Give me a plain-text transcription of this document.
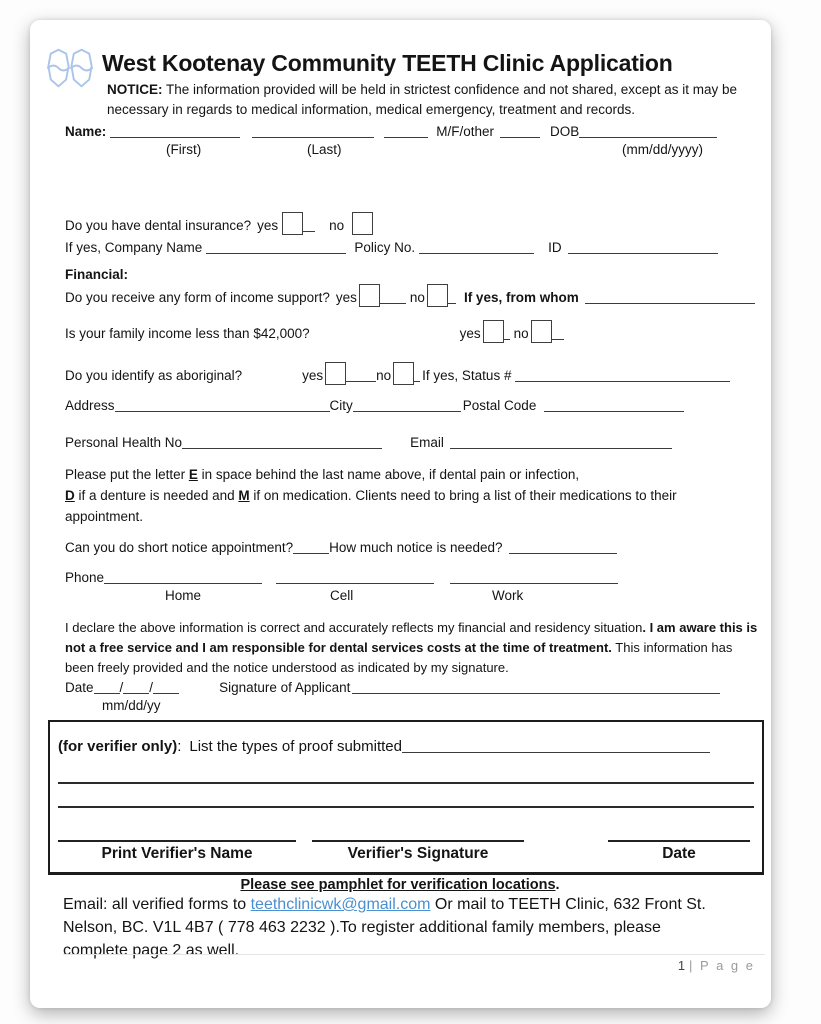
West Kootenay Community TEETH Clinic Application
NOTICE: The information provided will be held in strictest confidence and not shared, except as it may be necessary in regards to medical information, medical emergency, treatment and records.
Name:	M/F/other	DOB
(First)	(Last)	(mm/dd/yyyy)
Do you have dental insurance? yes	no
If yes, Company Name	Policy No.	ID
Financial:
Do you receive any form of income support? yes	no	If yes, from whom
Is your family income less than $42,000?	yes no
Do you identify as aboriginal?	yes	no If yes, Status #
Address	City	Postal Code
Personal Health No	Email
Please put the letter E in space behind the last name above, if dental pain or infection,
D if a denture is needed and M if on medication. Clients need to bring a list of their medications to their
appointment.
Can you do short notice appointment?	How much notice is needed?
Phone
Home	Cell	Work
I declare the above information is correct and accurately reflects my financial and residency situation. I am aware this is
not a free service and I am responsible for dental services costs at the time of treatment. This information has
been freely provided and the notice understood as indicated by my signature.
Date / /	Signature of Applicant
mm/dd/yy
(for verifier only): List the types of proof submitted
Print Verifier's Name	Verifier's Signature	Date
Please see pamphlet for verification locations.
Email: all verified forms to teethclinicwk@gmail.com Or mail to TEETH Clinic, 632 Front St.
Nelson, BC. V1L 4B7 ( 778 463 2232 ).To register additional family members, please
complete page 2 as well.
1 | P a g e
